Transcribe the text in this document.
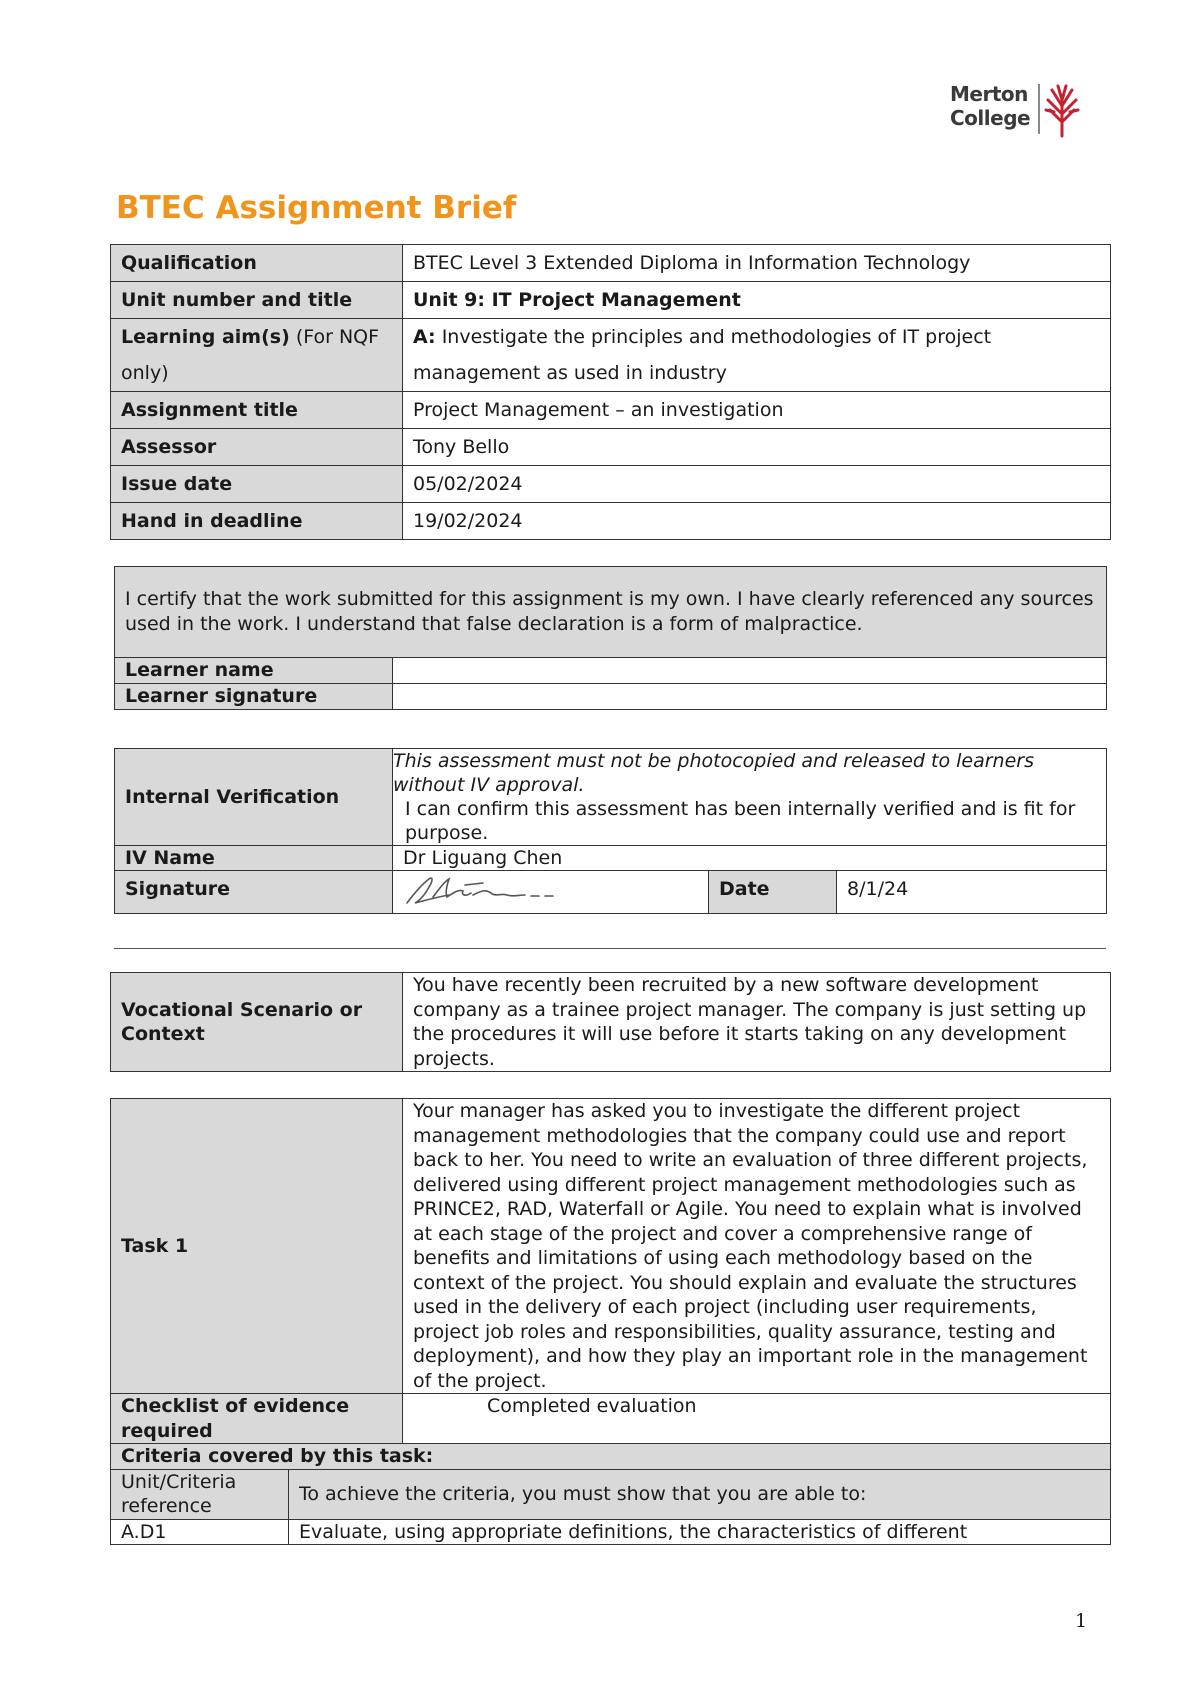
Merton
College
BTEC Assignment Brief
Qualification	BTEC Level 3 Extended Diploma in Information Technology
Unit number and title	Unit 9: IT Project Management
Learning aim(s) (For NQF only)	A: Investigate the principles and methodologies of IT project management as used in industry
Assignment title	Project Management – an investigation
Assessor	Tony Bello
Issue date	05/02/2024
Hand in deadline	19/02/2024
I certify that the work submitted for this assignment is my own. I have clearly referenced any sources used in the work. I understand that false declaration is a form of malpractice.	
Learner name	
Learner signature	
Internal Verification	This assessment must not be photocopied and released to learners without IV approval.
I can confirm this assessment has been internally verified and is fit for purpose.		

IV Name	Dr Liguang Chen		
Signature		Date	8/1/24
Vocational Scenario or Context	You have recently been recruited by a new software development company as a trainee project manager. The company is just setting up the procedures it will use before it starts taking on any development projects.
Task 1		Your manager has asked you to investigate the different project management methodologies that the company could use and report back to her. You need to write an evaluation of three different projects, delivered using different project management methodologies such as PRINCE2, RAD, Waterfall or Agile. You need to explain what is involved at each stage of the project and cover a comprehensive range of benefits and limitations of using each methodology based on the context of the project. You should explain and evaluate the structures used in the delivery of each project (including user requirements, project job roles and responsibilities, quality assurance, testing and deployment), and how they play an important role in the management of the project.
Checklist of evidence required		Completed evaluation
Criteria covered by this task:		
Unit/Criteria reference	To achieve the criteria, you must show that you are able to:	
A.D1	Evaluate, using appropriate definitions, the characteristics of different	
1
